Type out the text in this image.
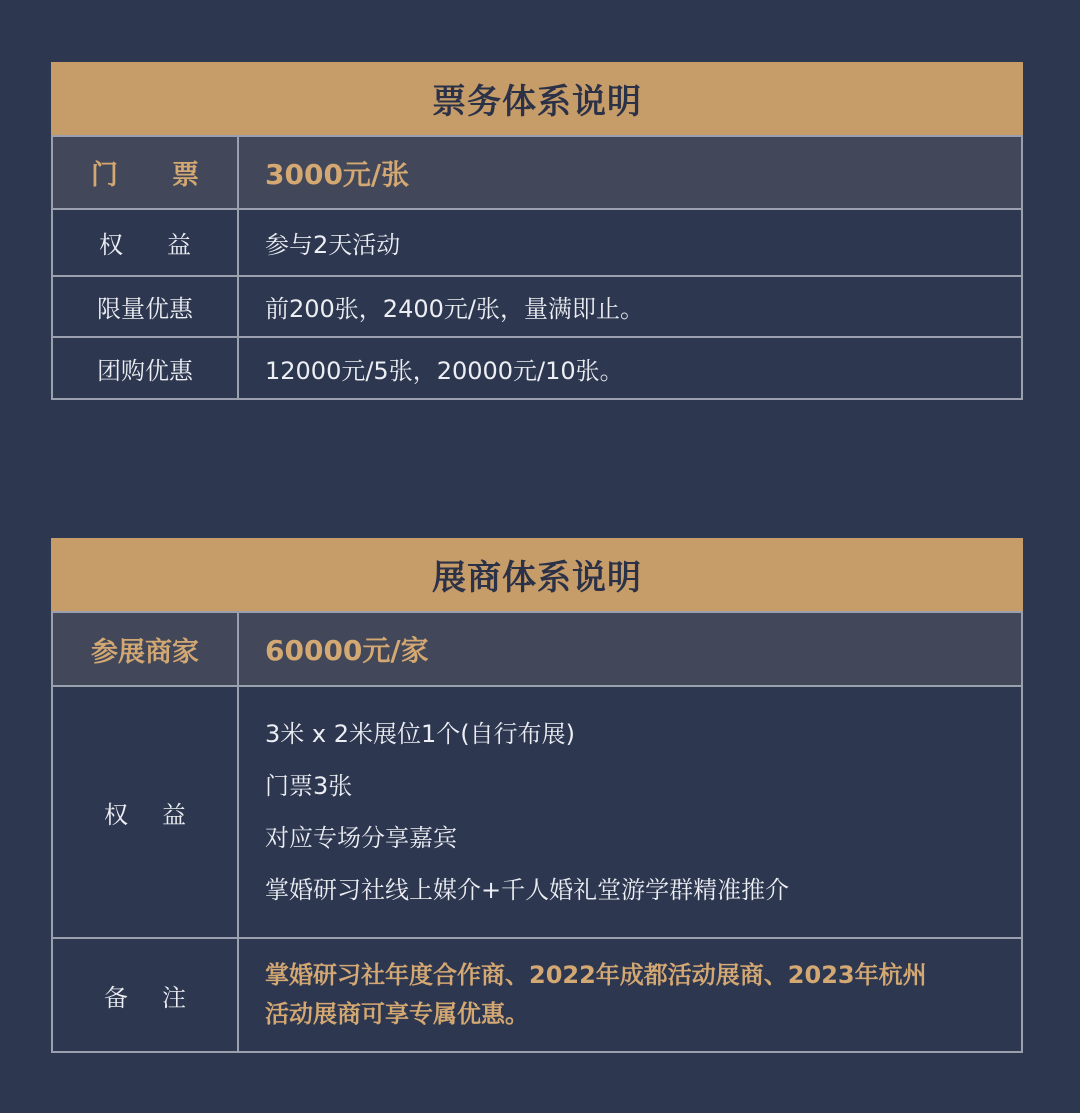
票务体系说明
门票	3000元/张
权益	参与2天活动
限量优惠	前200张，2400元/张，量满即止。
团购优惠	12000元/5张，20000元/10张。
展商体系说明
参展商家	60000元/家
权益	3米 x 2米展位1个(自行布展)
门票3张
对应专场分享嘉宾
掌婚研习社线上媒介+千人婚礼堂游学群精准推介

备注	掌婚研习社年度合作商、2022年成都活动展商、2023年杭州
活动展商可享专属优惠。
